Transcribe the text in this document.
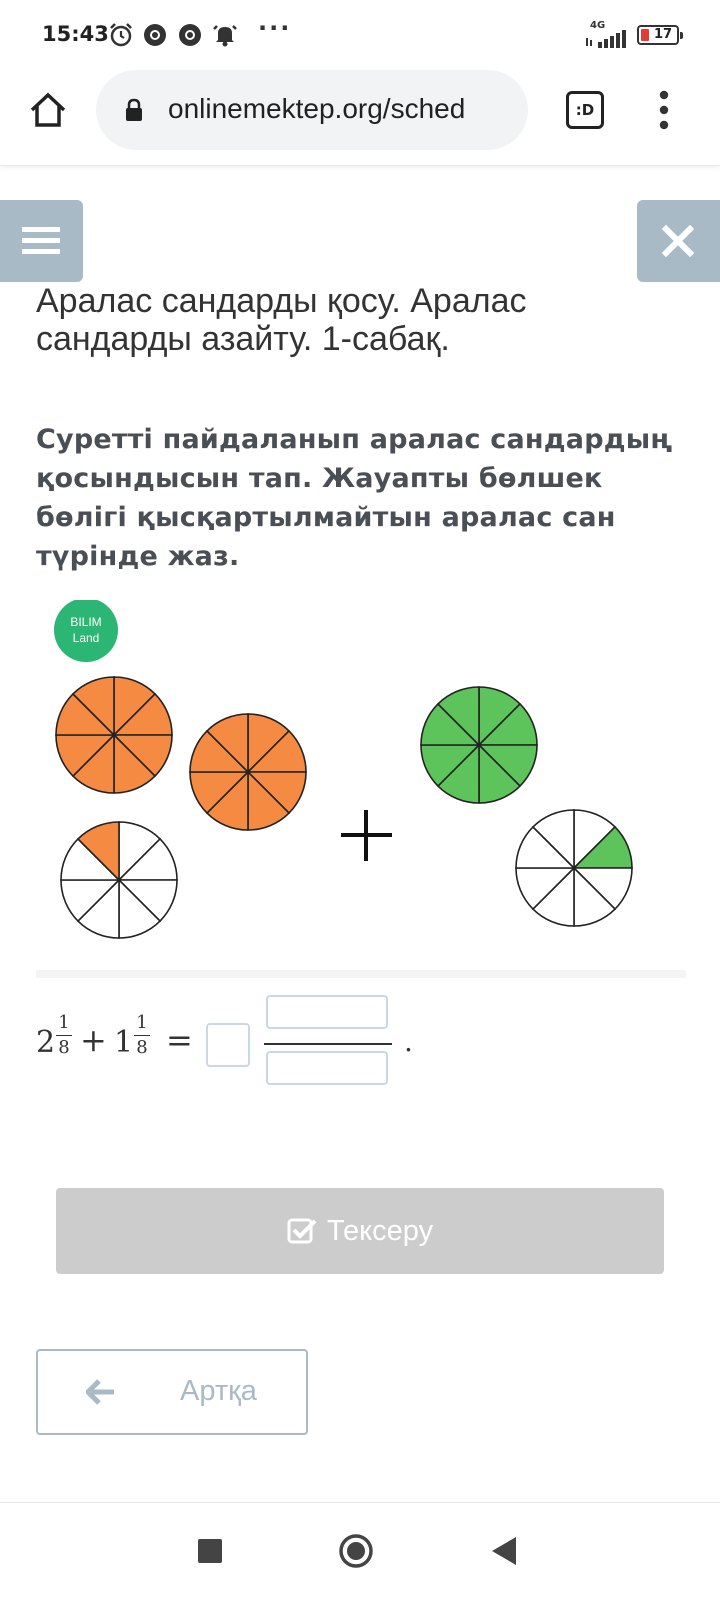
15:43	···	4G
17
onlinemektep.org/sched	:D
Аралас сандарды қосу. Аралас сандарды азайту. 1-сабақ.
Суретті пайдаланып аралас сандардың қосындысын тап. Жауапты бөлшек бөлігі қысқартылмайтын аралас сан түрінде жаз.
BILIM
Land
2
1
8 + 1
1
8 =	.
Тексеру
Артқа
